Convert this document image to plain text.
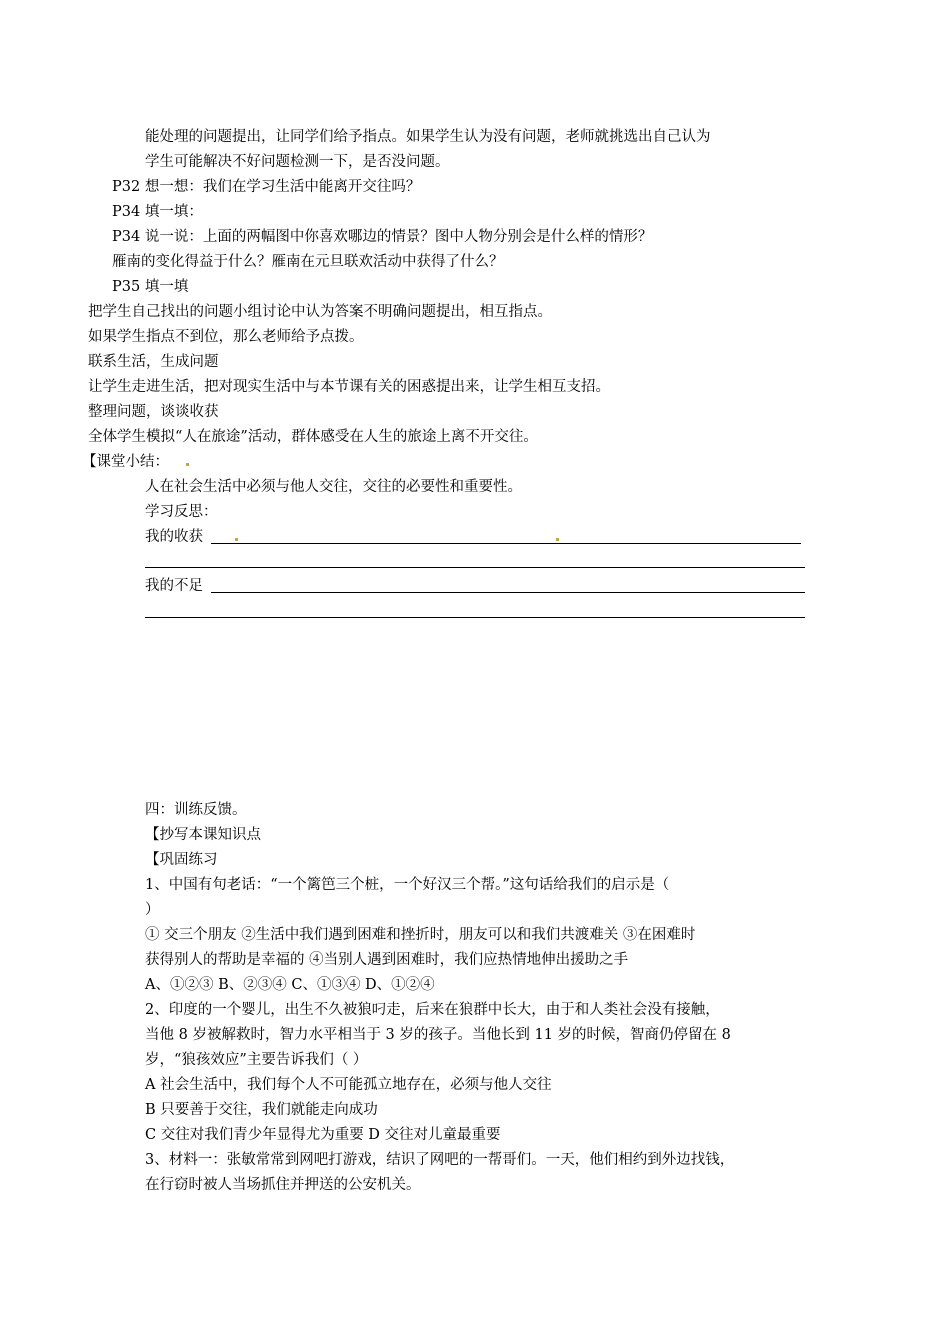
能处理的问题提出，让同学们给予指点。如果学生认为没有问题，老师就挑选出自己认为
学生可能解决不好问题检测一下，是否没问题。
P32 想一想：我们在学习生活中能离开交往吗？
P34 填一填：
P34 说一说：上面的两幅图中你喜欢哪边的情景？图中人物分别会是什么样的情形？
雁南的变化得益于什么？雁南在元旦联欢活动中获得了什么？
P35 填一填
把学生自己找出的问题小组讨论中认为答案不明确问题提出，相互指点。
如果学生指点不到位，那么老师给予点拨。
联系生活，生成问题
让学生走进生活，把对现实生活中与本节课有关的困惑提出来，让学生相互支招。
整理问题，谈谈收获
全体学生模拟“人在旅途”活动，群体感受在人生的旅途上离不开交往。
【课堂小结：
人在社会生活中必须与他人交往，交往的必要性和重要性。
学习反思：
我的收获
我的不足
四：训练反馈。
【抄写本课知识点
【巩固练习
1、中国有句老话：“一个篱笆三个桩，一个好汉三个帮。”这句话给我们的启示是（
）
① 交三个朋友 ②生活中我们遇到困难和挫折时，朋友可以和我们共渡难关 ③在困难时
获得别人的帮助是幸福的 ④当别人遇到困难时，我们应热情地伸出援助之手
A、①②③ B、②③④ C、①③④ D、①②④
2、印度的一个婴儿，出生不久被狼叼走，后来在狼群中长大，由于和人类社会没有接触，
当他 8 岁被解救时，智力水平相当于 3 岁的孩子。当他长到 11 岁的时候，智商仍停留在 8
岁，“狼孩效应”主要告诉我们（ ）
A 社会生活中，我们每个人不可能孤立地存在，必须与他人交往
B 只要善于交往，我们就能走向成功
C 交往对我们青少年显得尤为重要 D 交往对儿童最重要
3、材料一：张敏常常到网吧打游戏，结识了网吧的一帮哥们。一天，他们相约到外边找钱，
在行窃时被人当场抓住并押送的公安机关。
